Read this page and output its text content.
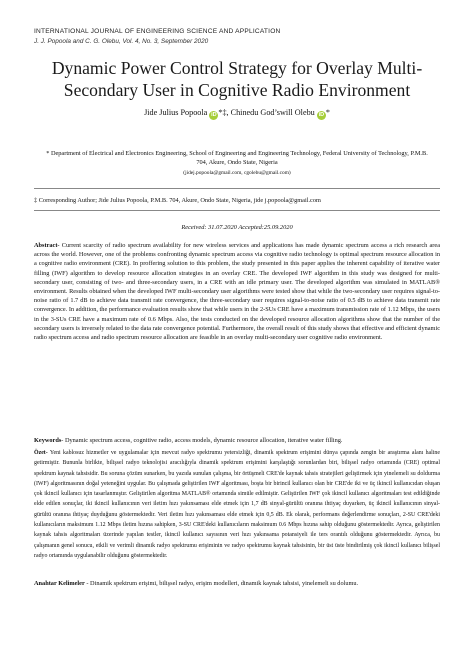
INTERNATIONAL JOURNAL OF ENGINEERING SCIENCE AND APPLICATION
J. J. Popoola and C. G. Olebu, Vol. 4, No. 3, September 2020
Dynamic Power Control Strategy for Overlay Multi-Secondary User in Cognitive Radio Environment
Jide Julius Popoola iD *‡, Chinedu God’swill Olebu iD *
* Department of Electrical and Electronics Engineering, School of Engineering and Engineering Technology, Federal University of Technology, P.M.B. 704, Akure, Ondo State, Nigeria
(jidej.popoola@gmail.com, cgolebu@gmail.com)
‡ Corresponding Author; Jide Julius Popoola, P.M.B. 704, Akure, Ondo State, Nigeria, jide j.popoola@gmail.com
Received: 31.07.2020 Accepted:25.09.2020

Abstract- Current scarcity of radio spectrum availability for new wireless services and applications has made dynamic spectrum access a rich research area across the world. However, one of the problems confronting dynamic spectrum access via cognitive radio technology is optimal spectrum resource allocation in a cognitive radio environment (CRE). In proffering solution to this problem, the study presented in this paper applies the inherent capability of iterative water filling (IWF) algorithm to develop resource allocation strategies in an overlay CRE. The developed IWF algorithm in this study was designed for multi-secondary user, consisting of two- and three-secondary users, in a CRE with an idle primary user. The developed algorithm was simulated in MATLAB® environment. Results obtained when the developed IWF multi-secondary user algorithms were tested show that while the two-secondary user requires signal-to-noise ratio of 1.7 dB to achieve data transmit rate convergence, the three-secondary user requires signal-to-noise ratio of 0.5 dB to achieve data transmit rate convergence. In addition, the performance evaluation results show that while users in the 2-SUs CRE have a maximum transmission rate of 1.12 Mbps, the users in the 3-SUs CRE have a maximum rate of 0.6 Mbps. Also, the tests conducted on the developed resource allocation algorithms show that the number of the secondary users is inversely related to the data rate convergence potential. Furthermore, the overall result of this study shows that effective and efficient dynamic radio spectrum access and radio spectrum resource allocation are feasible in an overlay multi-secondary user cognitive radio environment.

Keywords- Dynamic spectrum access, cognitive radio, access models, dynamic resource allocation, iterative water filling.

Özet- Yeni kablosuz hizmetler ve uygulamalar için mevcut radyo spektrumu yetersizliği, dinamik spektrum erişimini dünya çapında zengin bir araştırma alanı haline getirmiştir. Bununla birlikte, bilişsel radyo teknolojisi aracılığıyla dinamik spektrum erişimini karşılaştığı sorunlardan biri, bilişsel radyo ortamında (CRE) optimal spektrum kaynak tahsisidir. Bu soruna çözüm sunarken, bu yazıda sunulan çalışma, bir örtüşmeli CRE'de kaynak tahsis stratejileri geliştirmek için yinelemeli su doldurma (IWF) algoritmasının doğal yeteneğini uygular. Bu çalışmada geliştirilen IWF algoritması, boşta bir birincil kullanıcı olan bir CRE'de iki ve üç ikincil kullanıcıdan oluşan çok ikincil kullanıcı için tasarlanmıştır. Geliştirilen algoritma MATLAB® ortamında simüle edilmiştir. Geliştirilen IWF çok ikincil kullanıcı algoritmaları test edildiğinde elde edilen sonuçlar, iki ikincil kullanıcının veri iletim hızı yakınsaması elde etmek için 1,7 dB sinyal-gürültü oranına ihtiyaç duyarken, üç ikincil kullanıcının sinyal-gürültü oranına ihtiyaç duyduğunu göstermektedir. Veri iletim hızı yakınsaması elde etmek için 0,5 dB. Ek olarak, performans değerlendirme sonuçları, 2-SU CRE'deki kullanıcıların maksimum 1.12 Mbps iletim hızına sahipken, 3-SU CRE'deki kullanıcıların maksimum 0.6 Mbps hızına sahip olduğunu göstermektedir. Ayrıca, geliştirilen kaynak tahsis algoritmaları üzerinde yapılan testler, ikincil kullanıcı sayısının veri hızı yakınsama potansiyeli ile ters orantılı olduğunu göstermektedir. Ayrıca, bu çalışmanın genel sonucu, etkili ve verimli dinamik radyo spektrumu erişiminin ve radyo spektrumu kaynak tahsisinin, bir üst üste bindirilmiş çok ikincil kullanıcı bilişsel radyo ortamında uygulanabilir olduğunu göstermektedir.

Anahtar Kelimeler - Dinamik spektrum erişimi, bilişsel radyo, erişim modelleri, dinamik kaynak tahsisi, yinelemeli su dolumu.
